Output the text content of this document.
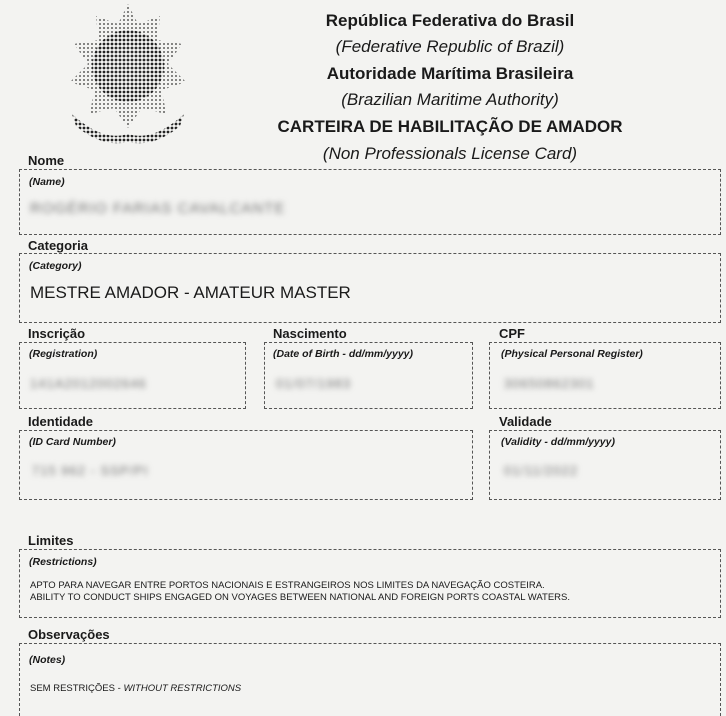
República Federativa do Brasil
(Federative Republic of Brazil)
Autoridade Marítima Brasileira
(Brazilian Maritime Authority)
CARTEIRA DE HABILITAÇÃO DE AMADOR
(Non Professionals License Card)
Nome
(Name)
ROGÉRIO FARIAS CAVALCANTE
Categoria
(Category)
MESTRE AMADOR - AMATEUR MASTER
Inscrição
(Registration)
141A2012002646
Nascimento
(Date of Birth - dd/mm/yyyy)
01/07/1983
CPF
(Physical Personal Register)
30650862301
Identidade
(ID Card Number)
715 962 - SSP/PI
Validade
(Validity - dd/mm/yyyy)
01/11/2022
Limites
(Restrictions)
APTO PARA NAVEGAR ENTRE PORTOS NACIONAIS E ESTRANGEIROS NOS LIMITES DA NAVEGAÇÃO COSTEIRA.
ABILITY TO CONDUCT SHIPS ENGAGED ON VOYAGES BETWEEN NATIONAL AND FOREIGN PORTS COASTAL WATERS.
Observações
(Notes)
SEM RESTRIÇÕES - WITHOUT RESTRICTIONS
